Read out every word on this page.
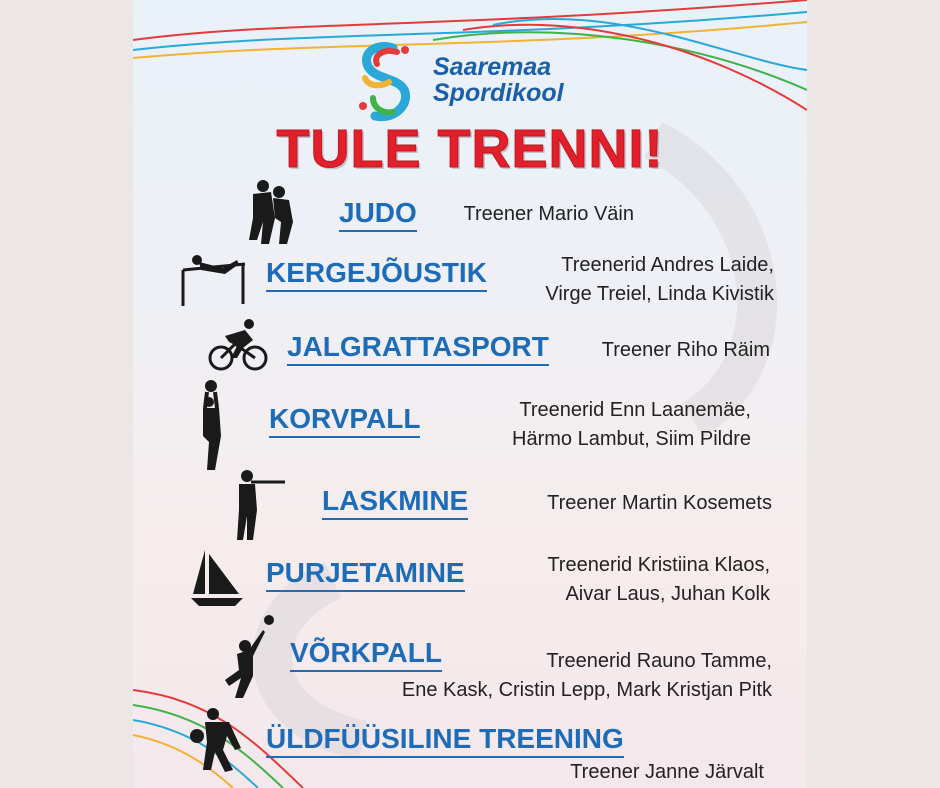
Saaremaa
Spordikool
TULE TRENNI!
JUDO Treener Mario Väin
KERGEJÕUSTIK	Treenerid Andres Laide,
Virge Treiel, Linda Kivistik
JALGRATTASPORT	Treener Riho Räim
KORVPALL	Treenerid Enn Laanemäe,
Härmo Lambut, Siim Pildre
LASKMINE	Treener Martin Kosemets
PURJETAMINE	Treenerid Kristiina Klaos,
Aivar Laus, Juhan Kolk
VÕRKPALL	Treenerid Rauno Tamme,
Ene Kask, Cristin Lepp, Mark Kristjan Pitk
ÜLDFÜÜSILINE TREENING
Treener Janne Järvalt
